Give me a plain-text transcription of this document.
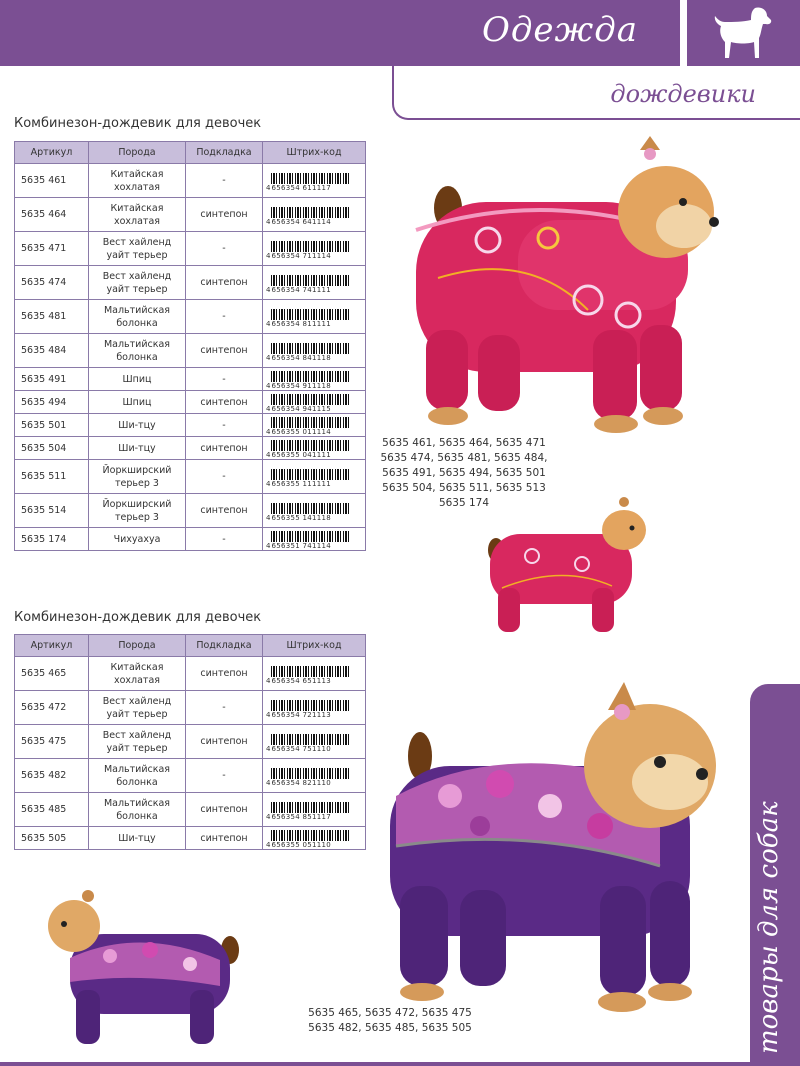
Одежда
дождевики
Комбинезон-дождевик для девочек
Артикул	Порода	Подкладка	Штрих-код
5635 461	Китайская хохлатая	-	4 656354 611117

5635 464	Китайская хохлатая	синтепон	4 656354 641114

5635 471	Вест хайленд уайт терьер	-	4 656354 711114

5635 474	Вест хайленд уайт терьер	синтепон	4 656354 741111

5635 481	Мальтийская болонка	-	4 656354 811111

5635 484	Мальтийская болонка	синтепон	4 656354 841118

5635 491	Шпиц	-	4 656354 911118

5635 494	Шпиц	синтепон	4 656354 941115

5635 501	Ши-тцу	-	4 656355 011114

5635 504	Ши-тцу	синтепон	4 656355 041111

5635 511	Йоркширский терьер 3	-	4 656355 111111

5635 514	Йоркширский терьер 3	синтепон	4 656355 141118

5635 174	Чихуахуа	-	4 656351 741114
5635 461, 5635 464, 5635 471
5635 474, 5635 481, 5635 484,
5635 491, 5635 494, 5635 501
5635 504, 5635 511, 5635 513
5635 174
Комбинезон-дождевик для девочек
Артикул	Порода	Подкладка	Штрих-код
5635 465	Китайская хохлатая	синтепон	4 656354 651113

5635 472	Вест хайленд уайт терьер	-	4 656354 721113

5635 475	Вест хайленд уайт терьер	синтепон	4 656354 751110

5635 482	Мальтийская болонка	-	4 656354 821110

5635 485	Мальтийская болонка	синтепон	4 656354 851117

5635 505	Ши-тцу	синтепон	4 656355 051110
5635 465, 5635 472, 5635 475
5635 482, 5635 485, 5635 505	товары для собак
